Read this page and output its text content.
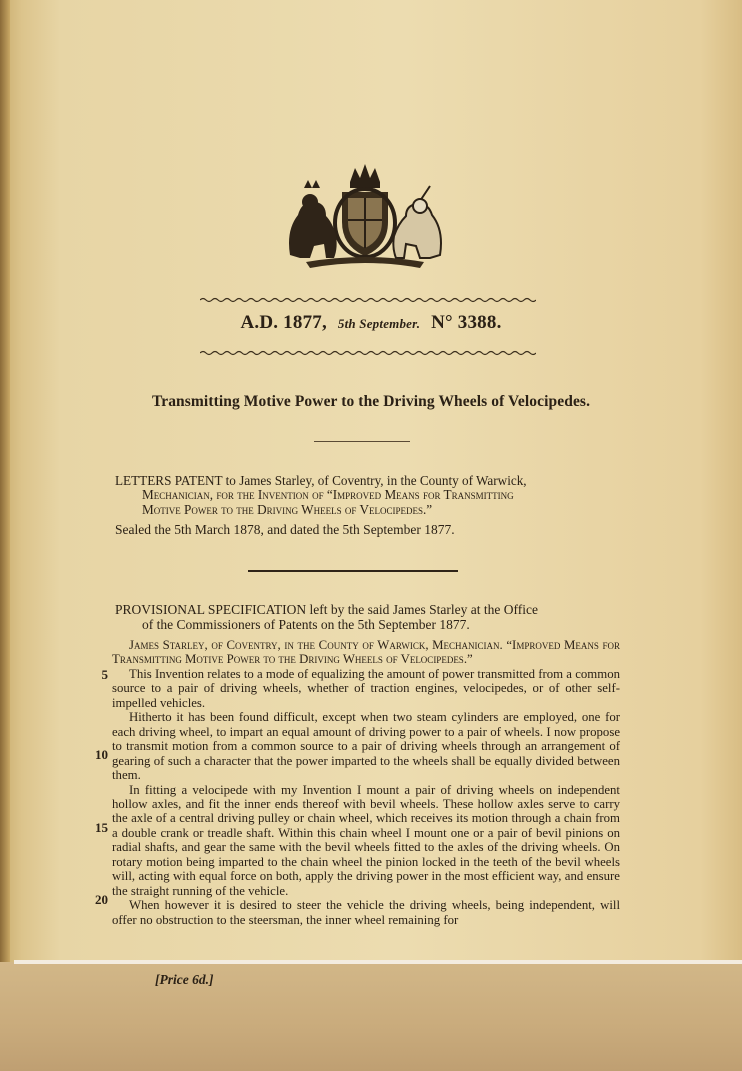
A.D. 1877, 5th September. N° 3388.
Transmitting Motive Power to the Driving Wheels of Velocipedes.
LETTERS PATENT to James Starley, of Coventry, in the County of Warwick,
Mechanician, for the Invention of “Improved Means for Transmitting
Motive Power to the Driving Wheels of Velocipedes.”
Sealed the 5th March 1878, and dated the 5th September 1877.
PROVISIONAL SPECIFICATION left by the said James Starley at the Office
of the Commissioners of Patents on the 5th September 1877.

James Starley, of Coventry, in the County of Warwick, Mechanician. “Improved Means for Transmitting Motive Power to the Driving Wheels of Velocipedes.”

This Invention relates to a mode of equalizing the amount of power transmitted from a common source to a pair of driving wheels, whether of traction engines, velocipedes, or of other self-impelled vehicles.

Hitherto it has been found difficult, except when two steam cylinders are employed, one for each driving wheel, to impart an equal amount of driving power to a pair of wheels. I now propose to transmit motion from a common source to a pair of driving wheels through an arrangement of gearing of such a character that the power imparted to the wheels shall be equally divided between them.

In fitting a velocipede with my Invention I mount a pair of driving wheels on independent hollow axles, and fit the inner ends thereof with bevil wheels. These hollow axles serve to carry the axle of a central driving pulley or chain wheel, which receives its motion through a chain from a double crank or treadle shaft. Within this chain wheel I mount one or a pair of bevil pinions on radial shafts, and gear the same with the bevil wheels fitted to the axles of the driving wheels. On rotary motion being imparted to the chain wheel the pinion locked in the teeth of the bevil wheels will, acting with equal force on both, apply the driving power in the most efficient way, and ensure the straight running of the vehicle.

When however it is desired to steer the vehicle the driving wheels, being independent, will offer no obstruction to the steersman, the inner wheel remaining for

5
10
15
20
[Price 6d.]
